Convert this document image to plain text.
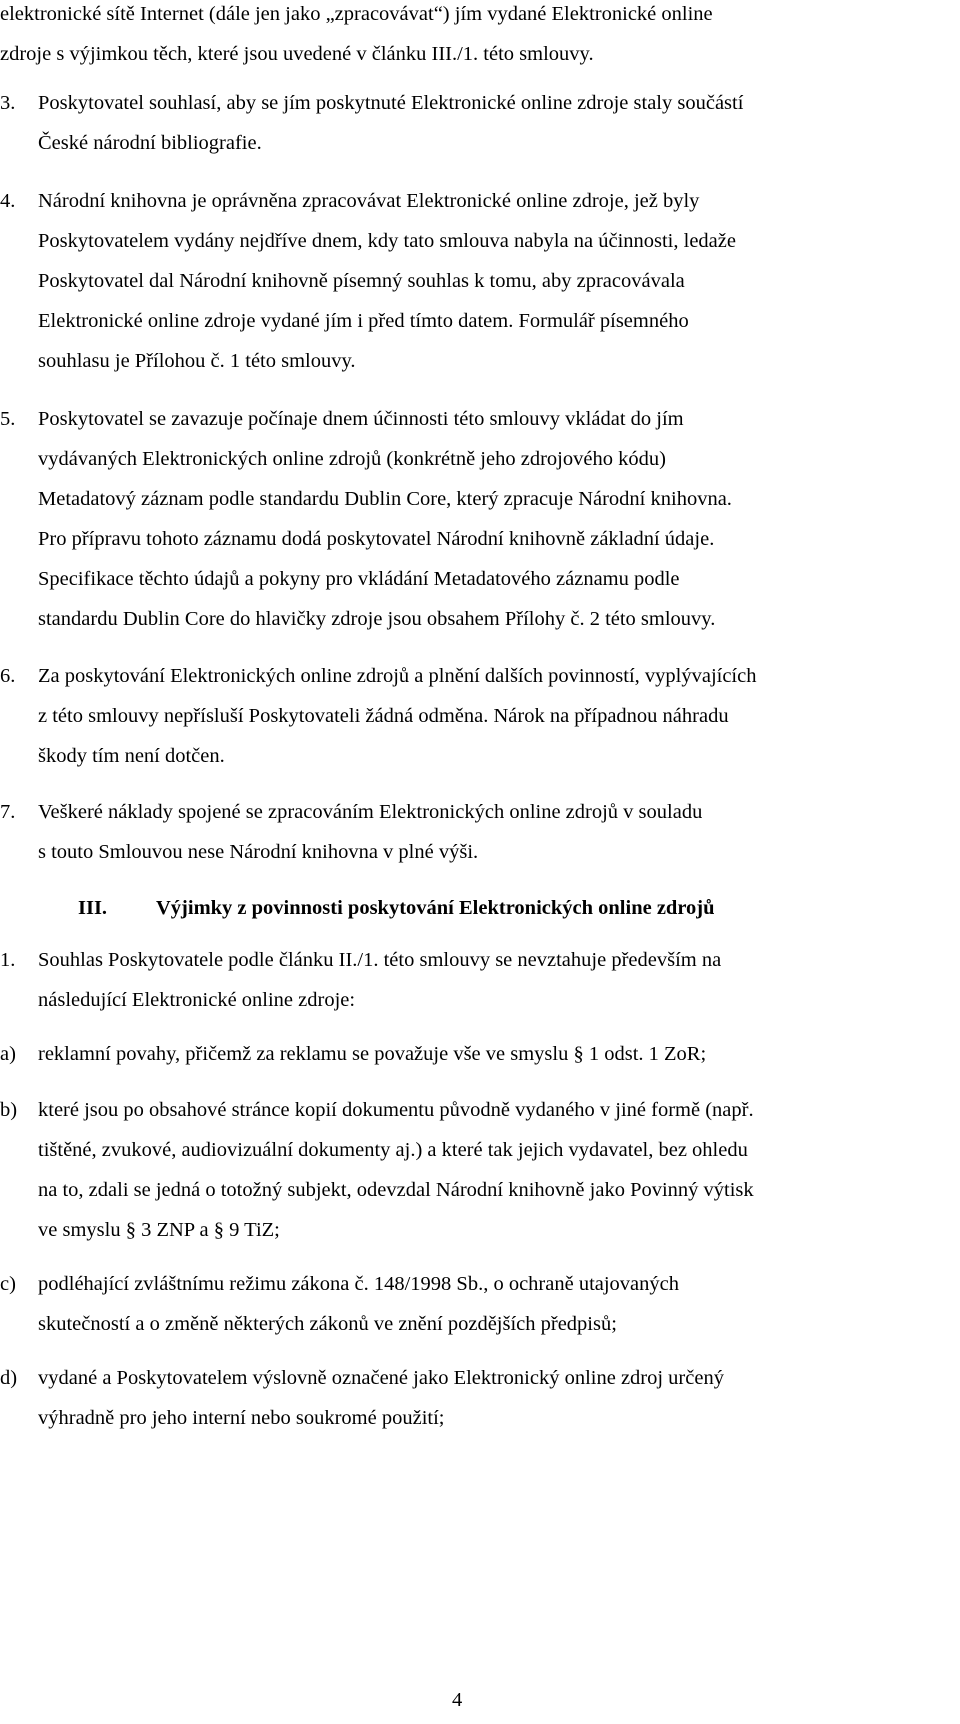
elektronické sítě Internet (dále jen jako „zpracovávat“) jím vydané Elektronické online
zdroje s výjimkou těch, které jsou uvedené v článku III./1. této smlouvy.
3. Poskytovatel souhlasí, aby se jím poskytnuté Elektronické online zdroje staly součástí
České národní bibliografie.
4. Národní knihovna je oprávněna zpracovávat Elektronické online zdroje, jež byly
Poskytovatelem vydány nejdříve dnem, kdy tato smlouva nabyla na účinnosti, ledaže
Poskytovatel dal Národní knihovně písemný souhlas k tomu, aby zpracovávala
Elektronické online zdroje vydané jím i před tímto datem. Formulář písemného
souhlasu je Přílohou č. 1 této smlouvy.
5. Poskytovatel se zavazuje počínaje dnem účinnosti této smlouvy vkládat do jím
vydávaných Elektronických online zdrojů (konkrétně jeho zdrojového kódu)
Metadatový záznam podle standardu Dublin Core, který zpracuje Národní knihovna.
Pro přípravu tohoto záznamu dodá poskytovatel Národní knihovně základní údaje.
Specifikace těchto údajů a pokyny pro vkládání Metadatového záznamu podle
standardu Dublin Core do hlavičky zdroje jsou obsahem Přílohy č. 2 této smlouvy.
6. Za poskytování Elektronických online zdrojů a plnění dalších povinností, vyplývajících
z této smlouvy nepřísluší Poskytovateli žádná odměna. Nárok na případnou náhradu
škody tím není dotčen.
7. Veškeré náklady spojené se zpracováním Elektronických online zdrojů v souladu
s touto Smlouvou nese Národní knihovna v plné výši.
III. Výjimky z povinnosti poskytování Elektronických online zdrojů
1. Souhlas Poskytovatele podle článku II./1. této smlouvy se nevztahuje především na
následující Elektronické online zdroje:
a) reklamní povahy, přičemž za reklamu se považuje vše ve smyslu § 1 odst. 1 ZoR;
b) které jsou po obsahové stránce kopií dokumentu původně vydaného v jiné formě (např.
tištěné, zvukové, audiovizuální dokumenty aj.) a které tak jejich vydavatel, bez ohledu
na to, zdali se jedná o totožný subjekt, odevzdal Národní knihovně jako Povinný výtisk
ve smyslu § 3 ZNP a § 9 TiZ;
c) podléhající zvláštnímu režimu zákona č. 148/1998 Sb., o ochraně utajovaných
skutečností a o změně některých zákonů ve znění pozdějších předpisů;
d) vydané a Poskytovatelem výslovně označené jako Elektronický online zdroj určený
výhradně pro jeho interní nebo soukromé použití;
4
